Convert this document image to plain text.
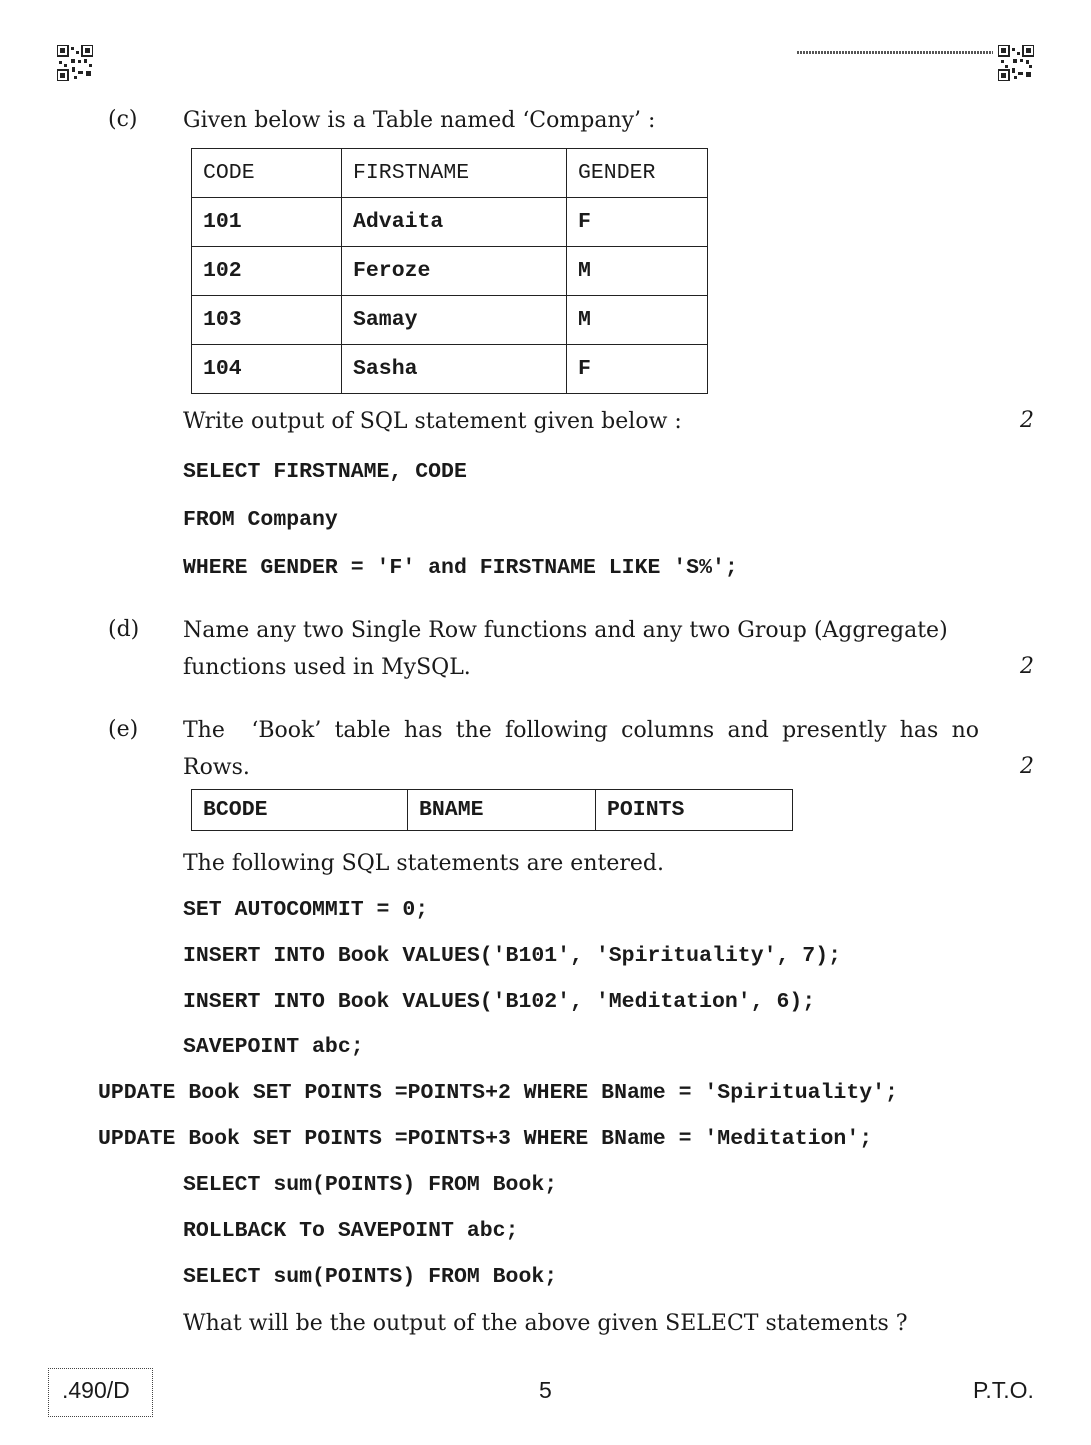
(c) Given below is a Table named ‘Company’ :
CODE	FIRSTNAME	GENDER
101	Advaita	F
102	Feroze	M
103	Samay	M
104	Sasha	F
Write output of SQL statement given below :	2
SELECT FIRSTNAME, CODE
FROM Company
WHERE GENDER = 'F' and FIRSTNAME LIKE 'S%';
(d) Name any two Single Row functions and any two Group (Aggregate)
functions used in MySQL.	2
(e) The  ‘Book’ table has the following columns and presently has no
Rows.	2
BCODE	BNAME	POINTS
The following SQL statements are entered.
SET AUTOCOMMIT = 0;
INSERT INTO Book VALUES('B101', 'Spirituality', 7);
INSERT INTO Book VALUES('B102', 'Meditation', 6);
SAVEPOINT abc;
UPDATE Book SET POINTS =POINTS+2 WHERE BName = 'Spirituality';
UPDATE Book SET POINTS =POINTS+3 WHERE BName = 'Meditation';
SELECT sum(POINTS) FROM Book;
ROLLBACK To SAVEPOINT abc;
SELECT sum(POINTS) FROM Book;
What will be the output of the above given SELECT statements ?
.490/D	5	P.T.O.
